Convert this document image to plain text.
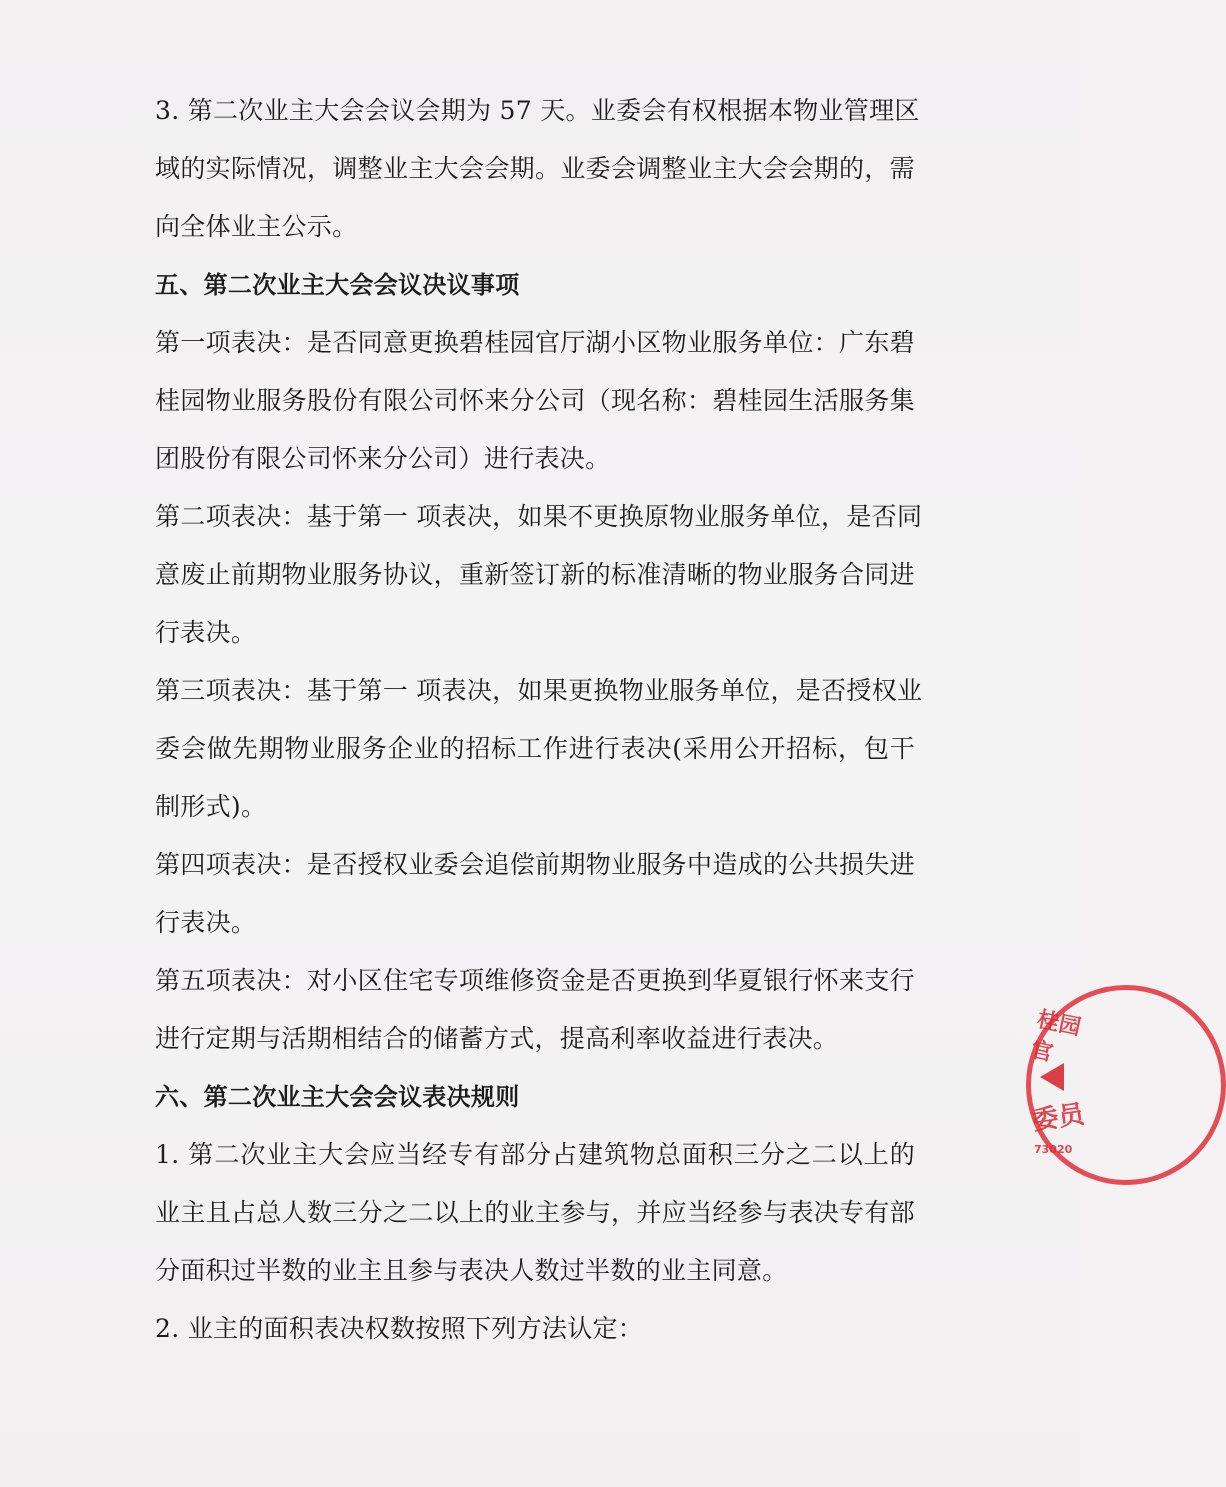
3. 第二次业主大会会议会期为 57 天。业委会有权根据本物业管理区
域的实际情况，调整业主大会会期。业委会调整业主大会会期的，需
向全体业主公示。
五、第二次业主大会会议决议事项
第一项表决：是否同意更换碧桂园官厅湖小区物业服务单位：广东碧
桂园物业服务股份有限公司怀来分公司（现名称：碧桂园生活服务集
团股份有限公司怀来分公司）进行表决。
第二项表决：基于第一 项表决，如果不更换原物业服务单位，是否同
意废止前期物业服务协议，重新签订新的标准清晰的物业服务合同进
行表决。
第三项表决：基于第一 项表决，如果更换物业服务单位，是否授权业
委会做先期物业服务企业的招标工作进行表决(采用公开招标，包干
制形式)。
第四项表决：是否授权业委会追偿前期物业服务中造成的公共损失进
行表决。
第五项表决：对小区住宅专项维修资金是否更换到华夏银行怀来支行
进行定期与活期相结合的储蓄方式，提高利率收益进行表决。
六、第二次业主大会会议表决规则
1. 第二次业主大会应当经专有部分占建筑物总面积三分之二以上的
业主且占总人数三分之二以上的业主参与，并应当经参与表决专有部
分面积过半数的业主且参与表决人数过半数的业主同意。
2. 业主的面积表决权数按照下列方法认定：
桂园官
委员
73020
